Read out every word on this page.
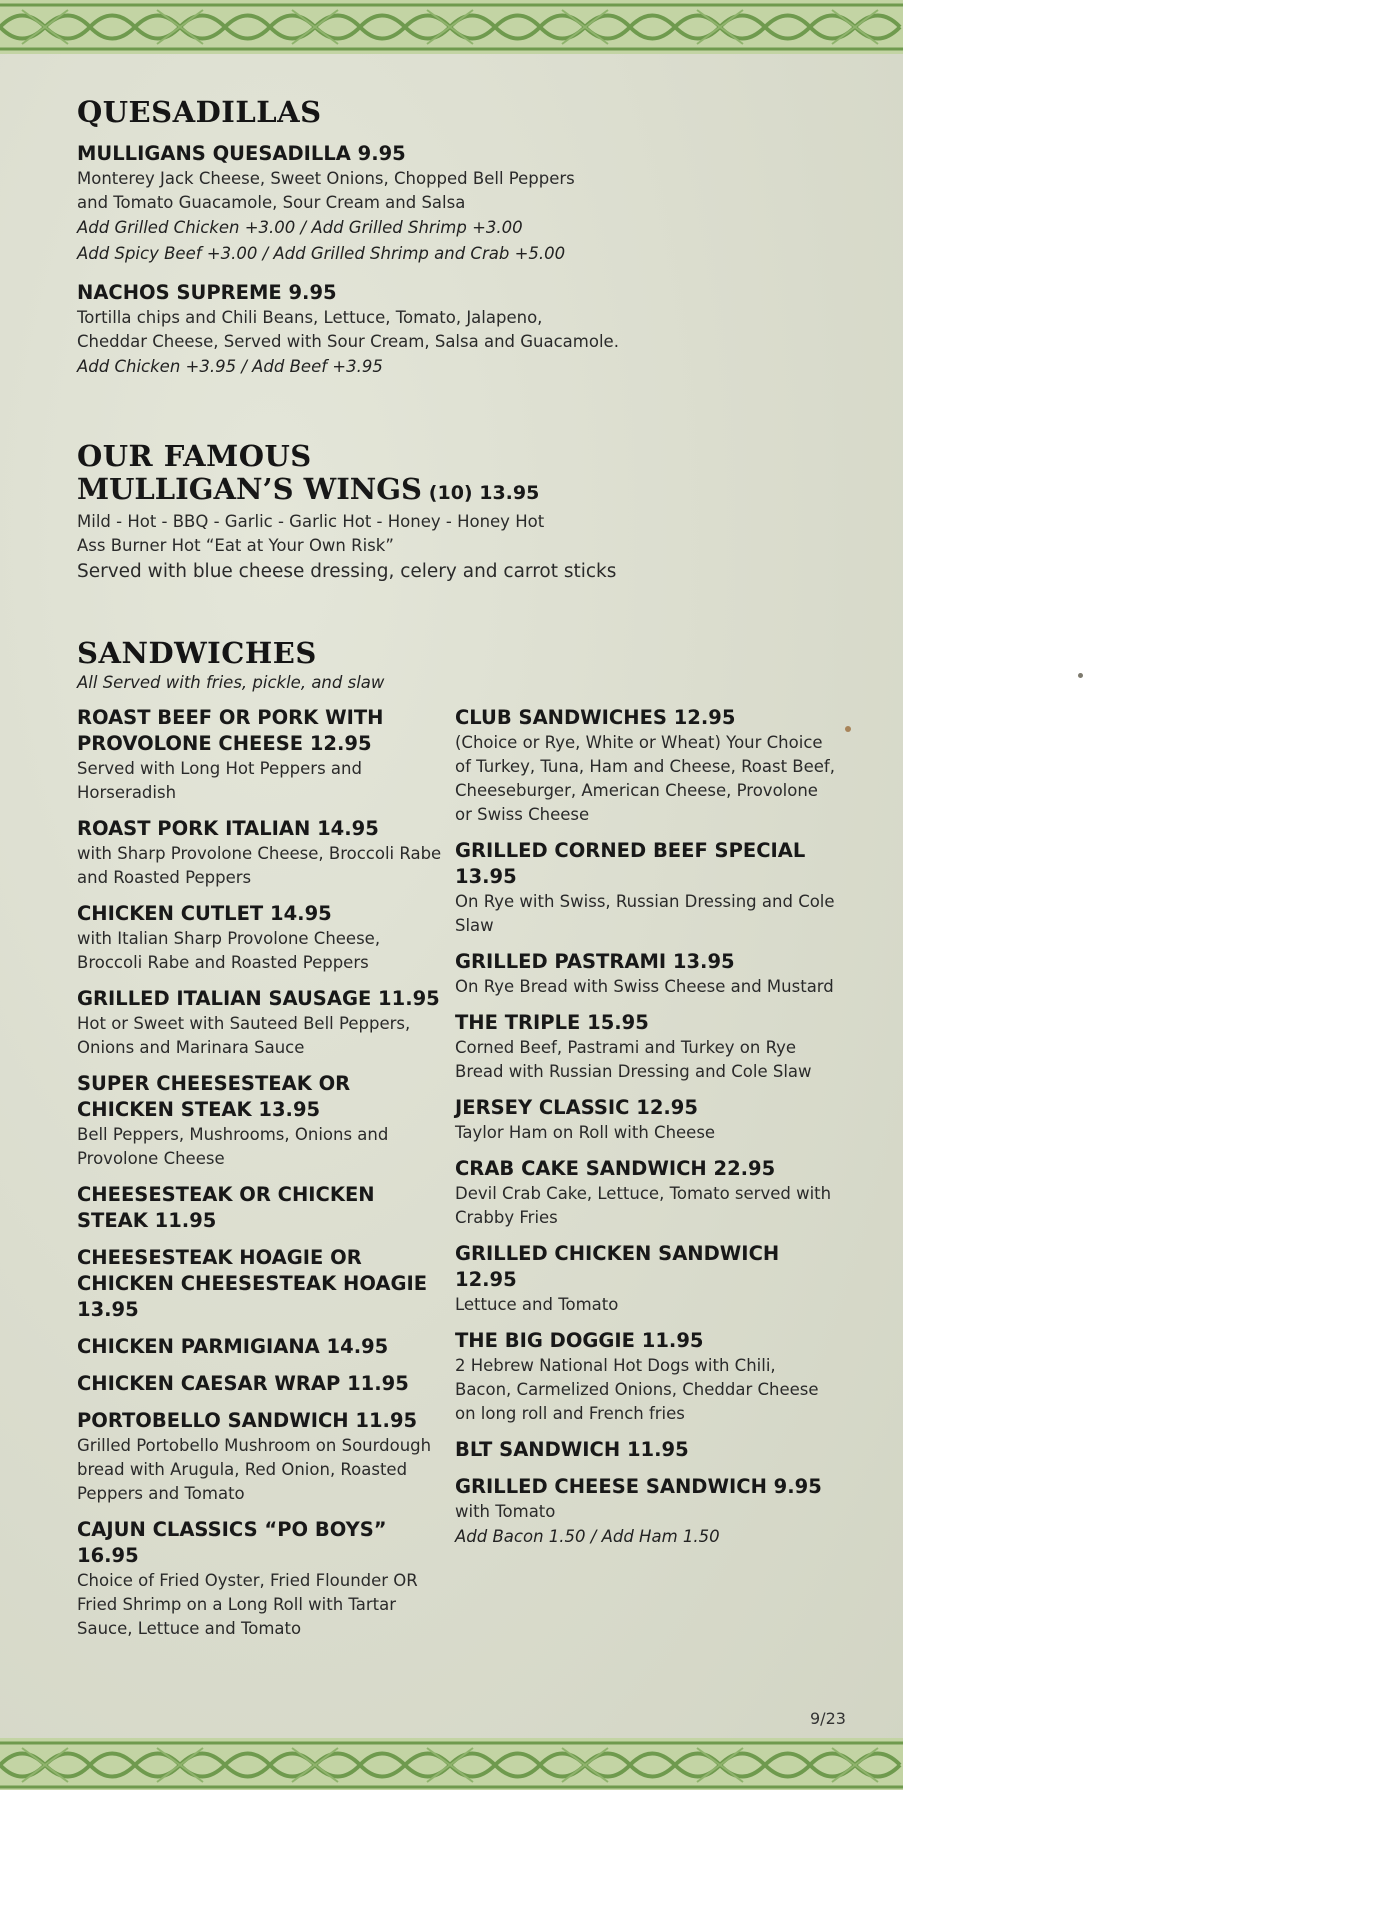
QUESADILLAS

MULLIGANS QUESADILLA 9.95

Monterey Jack Cheese, Sweet Onions, Chopped Bell Peppers

and Tomato Guacamole, Sour Cream and Salsa

Add Grilled Chicken +3.00 / Add Grilled Shrimp +3.00

Add Spicy Beef +3.00 / Add Grilled Shrimp and Crab +5.00

NACHOS SUPREME 9.95

Tortilla chips and Chili Beans, Lettuce, Tomato, Jalapeno,

Cheddar Cheese, Served with Sour Cream, Salsa and Guacamole.

Add Chicken +3.95 / Add Beef +3.95

OUR FAMOUS

MULLIGAN’S WINGS (10) 13.95

Mild - Hot - BBQ - Garlic - Garlic Hot - Honey - Honey Hot

Ass Burner Hot “Eat at Your Own Risk”

Served with blue cheese dressing, celery and carrot sticks

SANDWICHES

All Served with fries, pickle, and slaw

ROAST BEEF OR PORK WITH PROVOLONE CHEESE 12.95

Served with Long Hot Peppers and Horseradish

ROAST PORK ITALIAN 14.95

with Sharp Provolone Cheese, Broccoli Rabe and Roasted Peppers

CHICKEN CUTLET 14.95

with Italian Sharp Provolone Cheese, Broccoli Rabe and Roasted Peppers

GRILLED ITALIAN SAUSAGE 11.95

Hot or Sweet with Sauteed Bell Peppers, Onions and Marinara Sauce

SUPER CHEESESTEAK OR CHICKEN STEAK 13.95

Bell Peppers, Mushrooms, Onions and Provolone Cheese

CHEESESTEAK OR CHICKEN STEAK 11.95

CHEESESTEAK HOAGIE OR CHICKEN CHEESESTEAK HOAGIE 13.95

CHICKEN PARMIGIANA 14.95

CHICKEN CAESAR WRAP 11.95

PORTOBELLO SANDWICH 11.95

Grilled Portobello Mushroom on Sourdough bread with Arugula, Red Onion, Roasted Peppers and Tomato

CAJUN CLASSICS “PO BOYS” 16.95

Choice of Fried Oyster, Fried Flounder OR Fried Shrimp on a Long Roll with Tartar Sauce, Lettuce and Tomato

CLUB SANDWICHES 12.95

(Choice or Rye, White or Wheat) Your Choice of Turkey, Tuna, Ham and Cheese, Roast Beef, Cheeseburger, American Cheese, Provolone or Swiss Cheese

GRILLED CORNED BEEF SPECIAL 13.95

On Rye with Swiss, Russian Dressing and Cole Slaw

GRILLED PASTRAMI 13.95

On Rye Bread with Swiss Cheese and Mustard

THE TRIPLE 15.95

Corned Beef, Pastrami and Turkey on Rye Bread with Russian Dressing and Cole Slaw

JERSEY CLASSIC 12.95

Taylor Ham on Roll with Cheese

CRAB CAKE SANDWICH 22.95

Devil Crab Cake, Lettuce, Tomato served with Crabby Fries

GRILLED CHICKEN SANDWICH 12.95

Lettuce and Tomato

THE BIG DOGGIE 11.95

2 Hebrew National Hot Dogs with Chili, Bacon, Carmelized Onions, Cheddar Cheese on long roll and French fries

BLT SANDWICH 11.95

GRILLED CHEESE SANDWICH 9.95

with Tomato

Add Bacon 1.50 / Add Ham 1.50

9/23
